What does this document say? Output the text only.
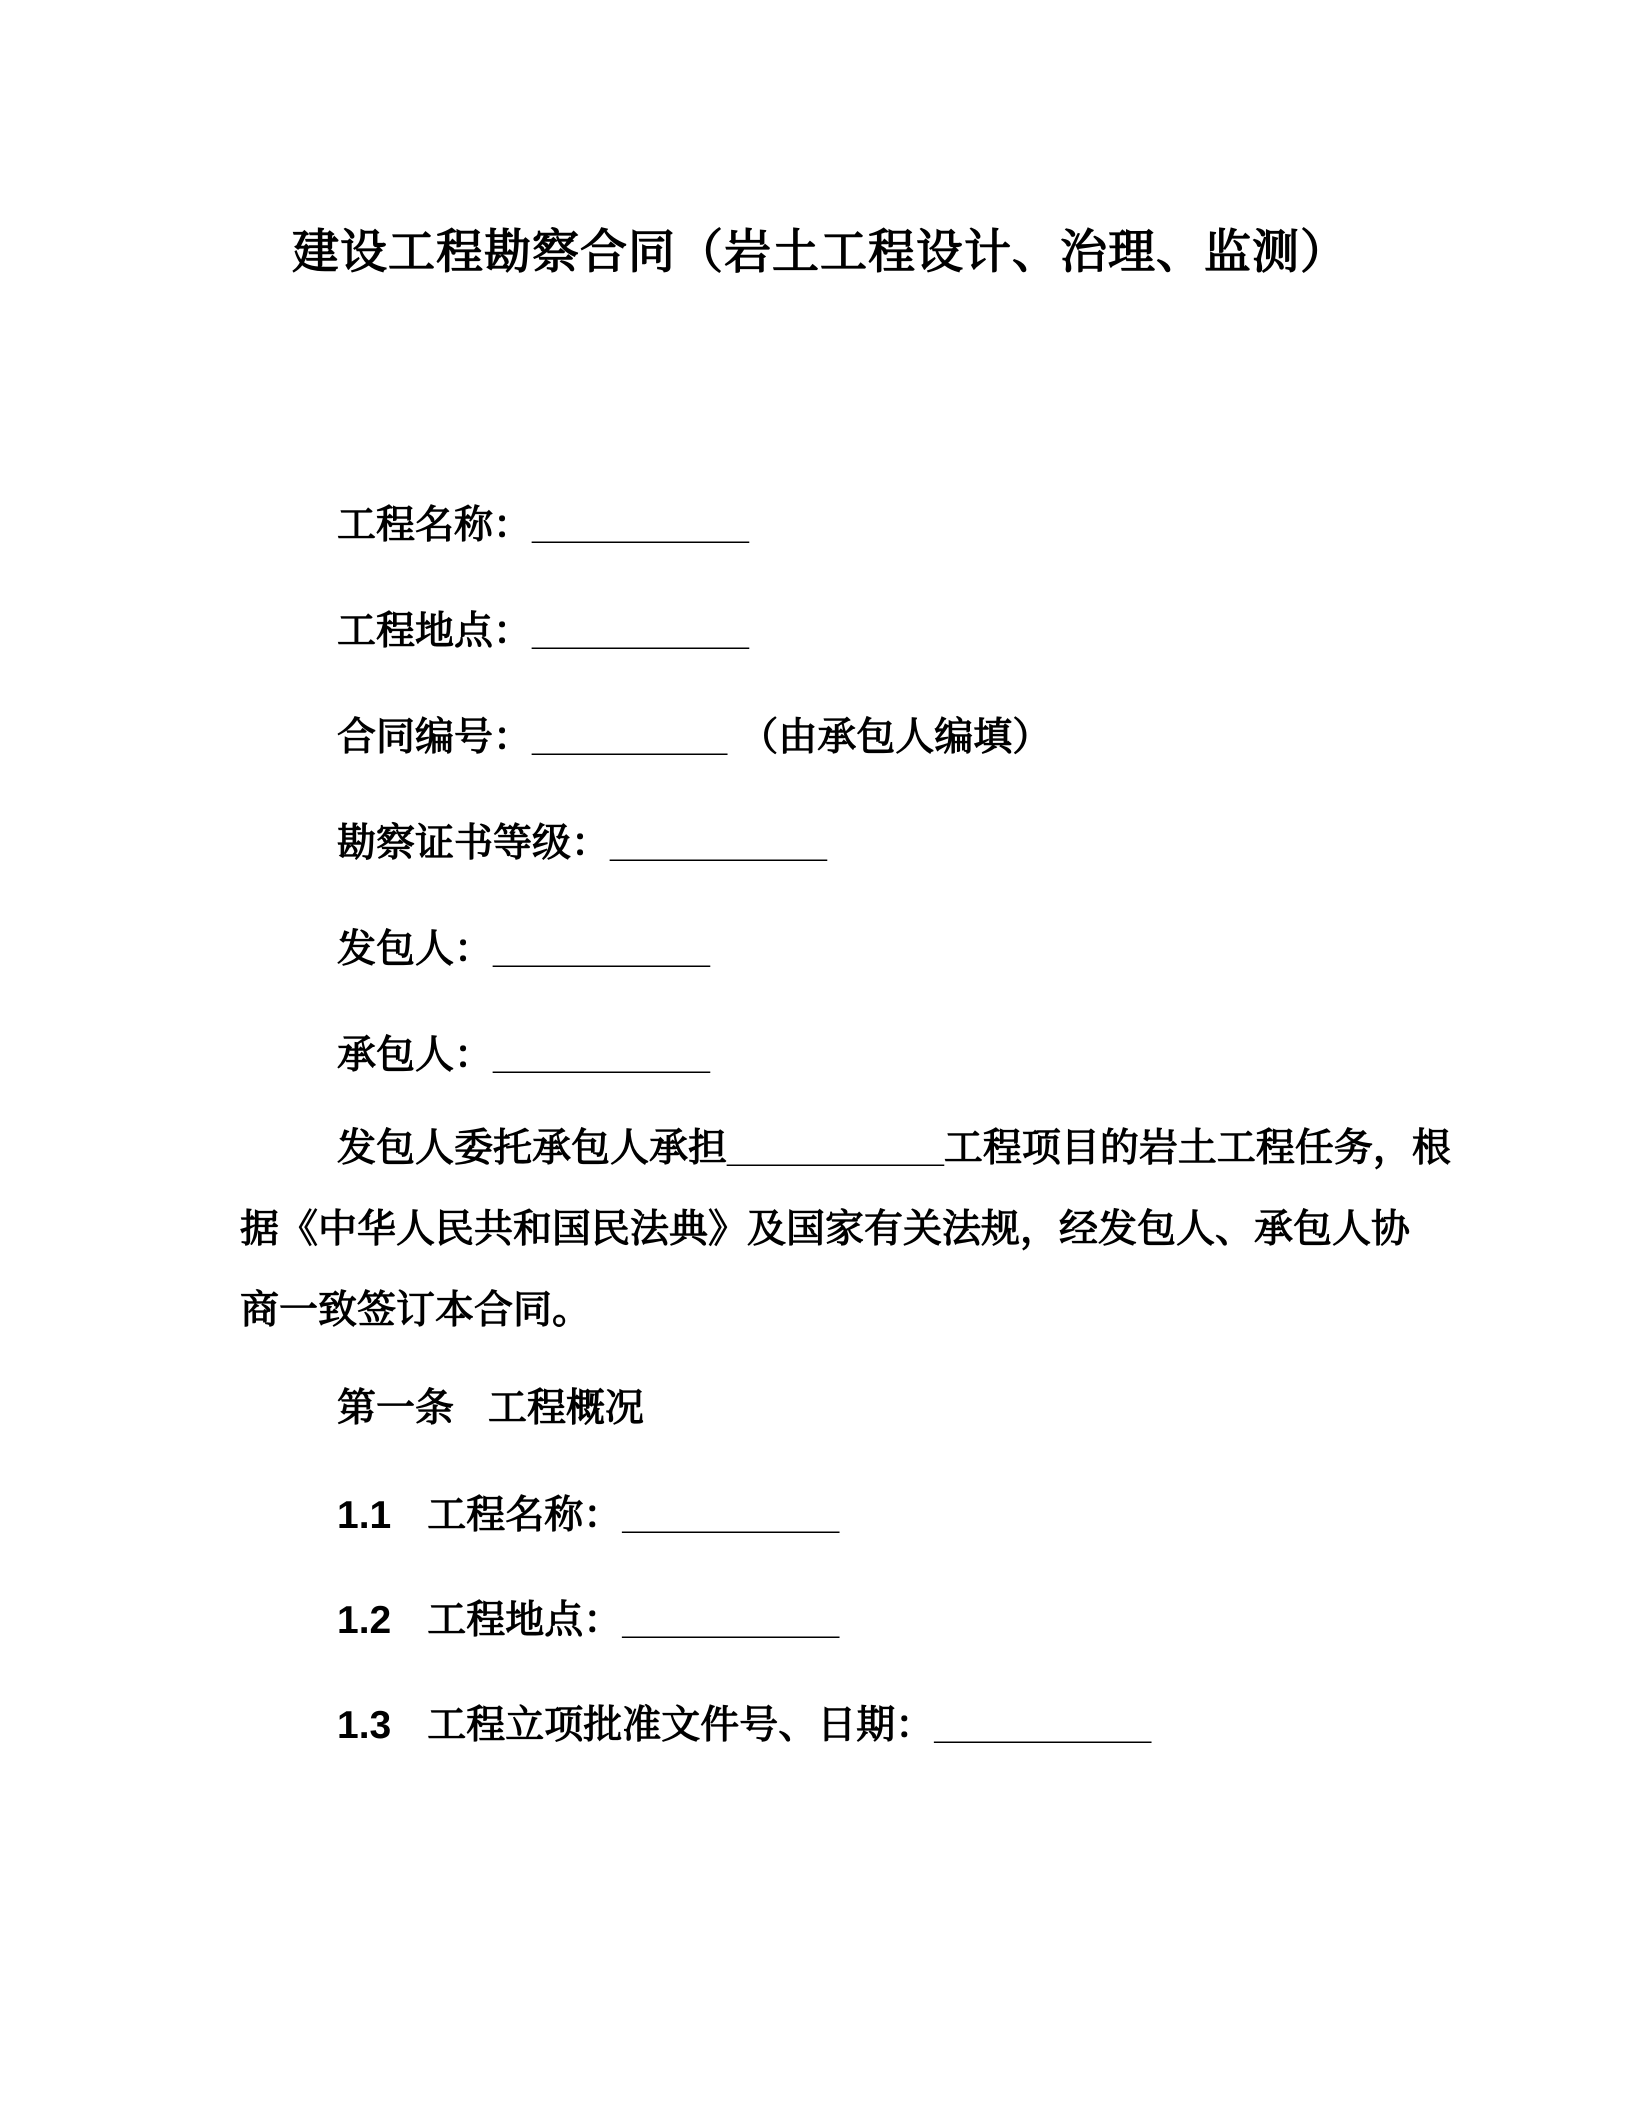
建设工程勘察合同（岩土工程设计、治理、监测）
工程名称：__________
工程地点：__________
合同编号：_________ （由承包人编填）
勘察证书等级：__________
发包人：__________
承包人：__________
发包人委托承包人承担__________工程项目的岩土工程任务，根
据《中华人民共和国民法典》及国家有关法规，经发包人、承包人协
商一致签订本合同。
第一条 工程概况
1.1 工程名称：__________
1.2 工程地点：__________
1.3 工程立项批准文件号、日期：__________
